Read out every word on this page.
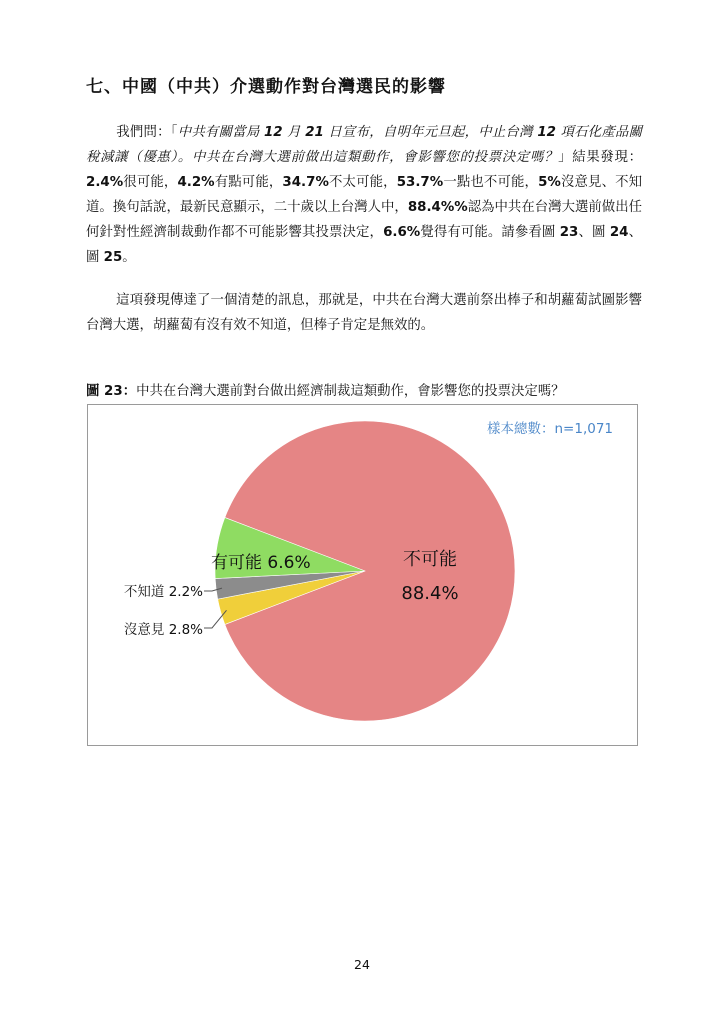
七、中國（中共）介選動作對台灣選民的影響
我們問：「中共有關當局 12 月 21 日宣布，自明年元旦起，中止台灣 12 項石化產品關稅減讓（優惠）。中共在台灣大選前做出這類動作，會影響您的投票決定嗎？」結果發現：2.4%很可能，4.2%有點可能，34.7%不太可能，53.7%一點也不可能，5%沒意見、不知道。換句話說，最新民意顯示，二十歲以上台灣人中，88.4%%認為中共在台灣大選前做出任何針對性經濟制裁動作都不可能影響其投票決定，6.6%覺得有可能。請參看圖 23、圖 24、圖 25。
這項發現傳達了一個清楚的訊息，那就是，中共在台灣大選前祭出棒子和胡蘿蔔試圖影響台灣大選，胡蘿蔔有沒有效不知道，但棒子肯定是無效的。
圖 23：中共在台灣大選前對台做出經濟制裁這類動作，會影響您的投票決定嗎？
樣本總數：n=1,071
不可能
88.4%
有可能 6.6%
不知道 2.2%
沒意見 2.8%
24
